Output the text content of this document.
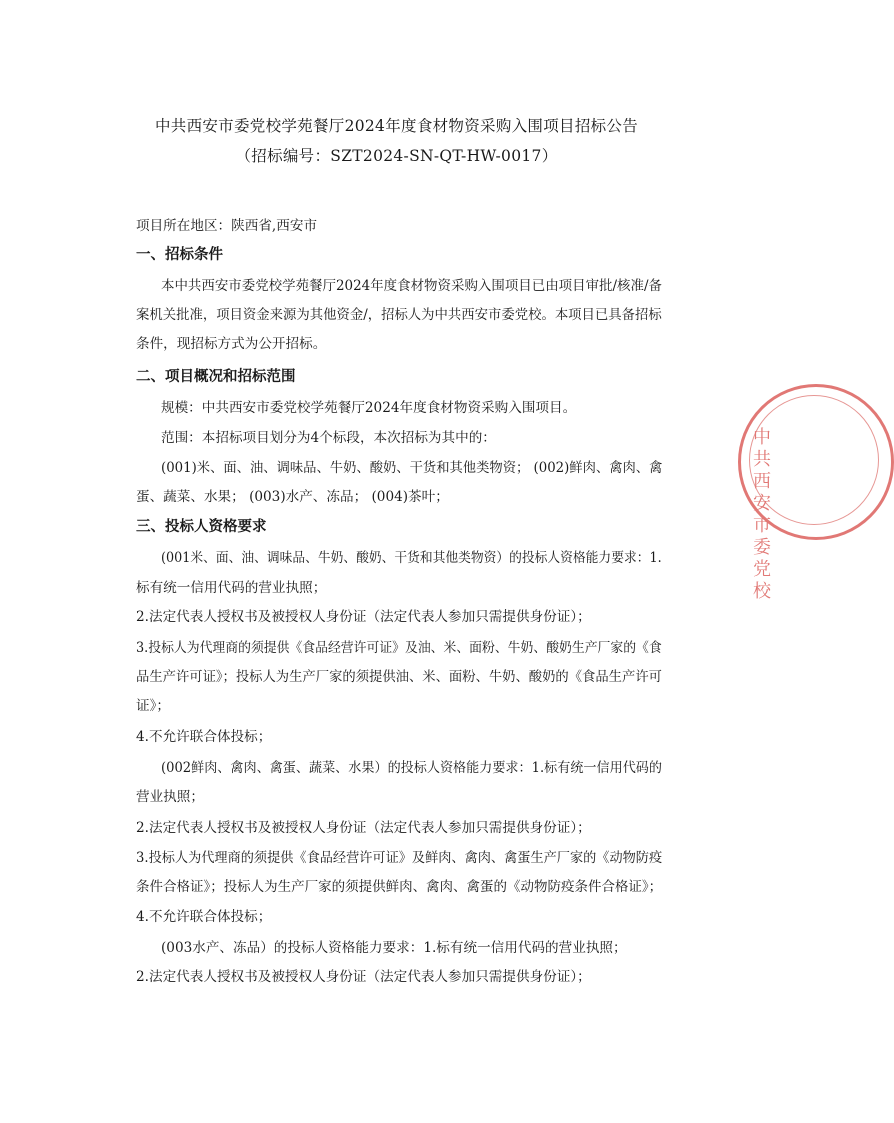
中共西安市委党校学苑餐厅2024年度食材物资采购入围项目招标公告
（招标编号：SZT2024-SN-QT-HW-0017）
项目所在地区：陕西省,西安市
一、招标条件
本中共西安市委党校学苑餐厅2024年度食材物资采购入围项目已由项目审批/核准/备
案机关批准，项目资金来源为其他资金/，招标人为中共西安市委党校。本项目已具备招标
条件，现招标方式为公开招标。
二、项目概况和招标范围
规模：中共西安市委党校学苑餐厅2024年度食材物资采购入围项目。
范围：本招标项目划分为4个标段，本次招标为其中的：
(001)米、面、油、调味品、牛奶、酸奶、干货和其他类物资； (002)鲜肉、禽肉、禽
蛋、蔬菜、水果； (003)水产、冻品； (004)茶叶；
三、投标人资格要求
(001米、面、油、调味品、牛奶、酸奶、干货和其他类物资）的投标人资格能力要求：1.
标有统一信用代码的营业执照；
2.法定代表人授权书及被授权人身份证（法定代表人参加只需提供身份证）；
3.投标人为代理商的须提供《食品经营许可证》及油、米、面粉、牛奶、酸奶生产厂家的《食
品生产许可证》；投标人为生产厂家的须提供油、米、面粉、牛奶、酸奶的《食品生产许可
证》；
4.不允许联合体投标；
(002鲜肉、禽肉、禽蛋、蔬菜、水果）的投标人资格能力要求：1.标有统一信用代码的
营业执照；
2.法定代表人授权书及被授权人身份证（法定代表人参加只需提供身份证）；
3.投标人为代理商的须提供《食品经营许可证》及鲜肉、禽肉、禽蛋生产厂家的《动物防疫
条件合格证》；投标人为生产厂家的须提供鲜肉、禽肉、禽蛋的《动物防疫条件合格证》；
4.不允许联合体投标；
(003水产、冻品）的投标人资格能力要求：1.标有统一信用代码的营业执照；
2.法定代表人授权书及被授权人身份证（法定代表人参加只需提供身份证）；
中共西安市委党校
